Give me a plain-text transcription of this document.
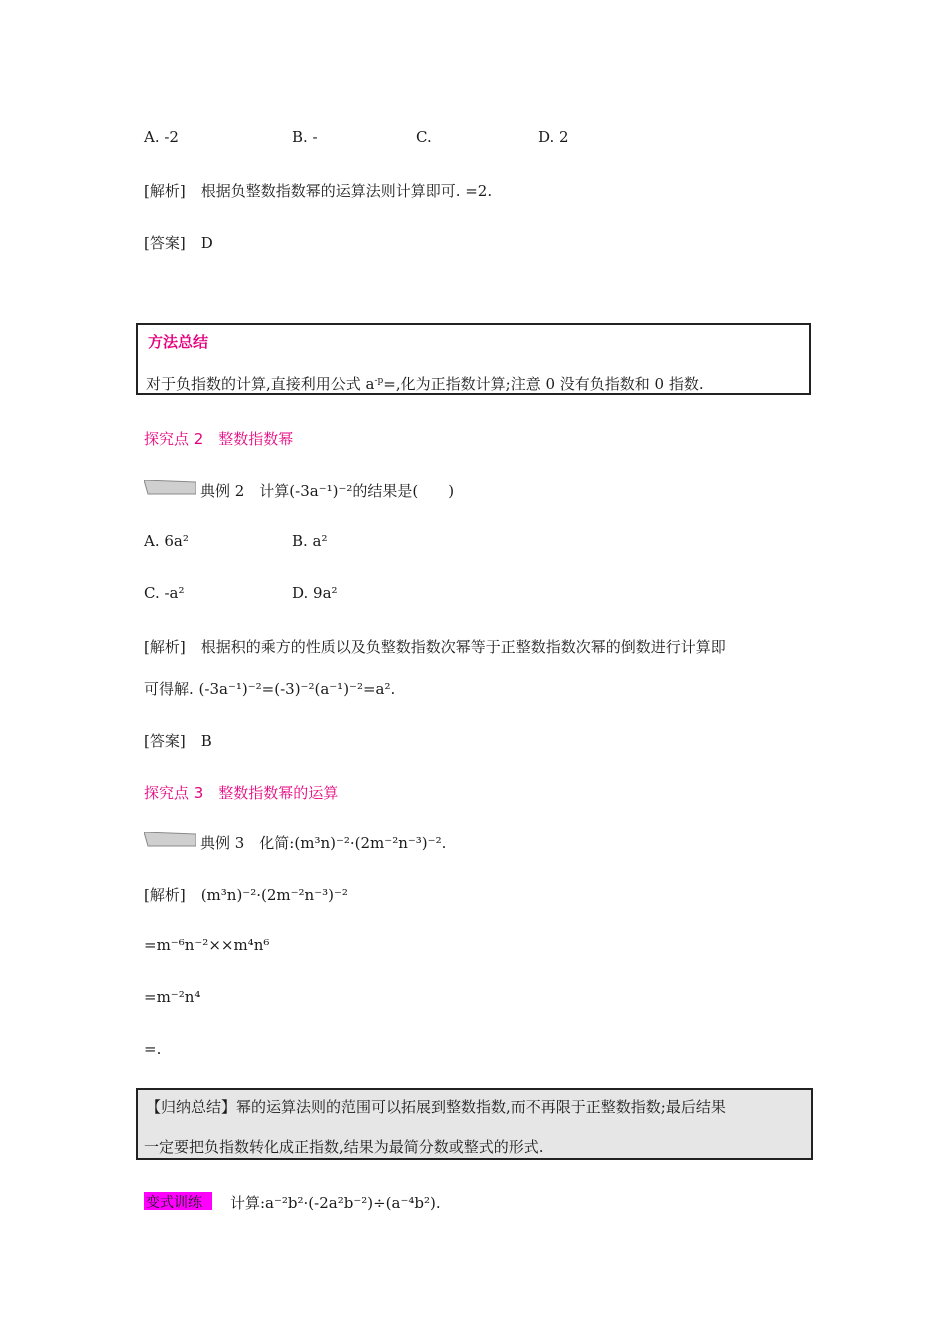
A. -2	B. -	C.	D. 2
[解析]　根据负整数指数幂的运算法则计算即可. =2.
[答案]　D
方法总结
对于负指数的计算,直接利用公式 $a^{-p}=$,化为正指数计算;注意 0 没有负指数和 0 指数.
探究点 2　整数指数幂
典例 2　计算(-3a⁻¹)⁻²的结果是(　　)
A. 6a²	B. a²
C. -a²	D. 9a²
[解析]　根据积的乘方的性质以及负整数指数次幂等于正整数指数次幂的倒数进行计算即
可得解. (-3a⁻¹)⁻²=(-3)⁻²(a⁻¹)⁻²=a².
[答案]　B
探究点 3　整数指数幂的运算
典例 3　化简:(m³n)⁻²·(2m⁻²n⁻³)⁻².
[解析]　(m³n)⁻²·(2m⁻²n⁻³)⁻²
=m⁻⁶n⁻²××m⁴n⁶
=m⁻²n⁴
=.
【归纳总结】幂的运算法则的范围可以拓展到整数指数,而不再限于正整数指数;最后结果
一定要把负指数转化成正指数,结果为最简分数或整式的形式.
变式训练 计算:a⁻²b²·(-2a²b⁻²)÷(a⁻⁴b²).
